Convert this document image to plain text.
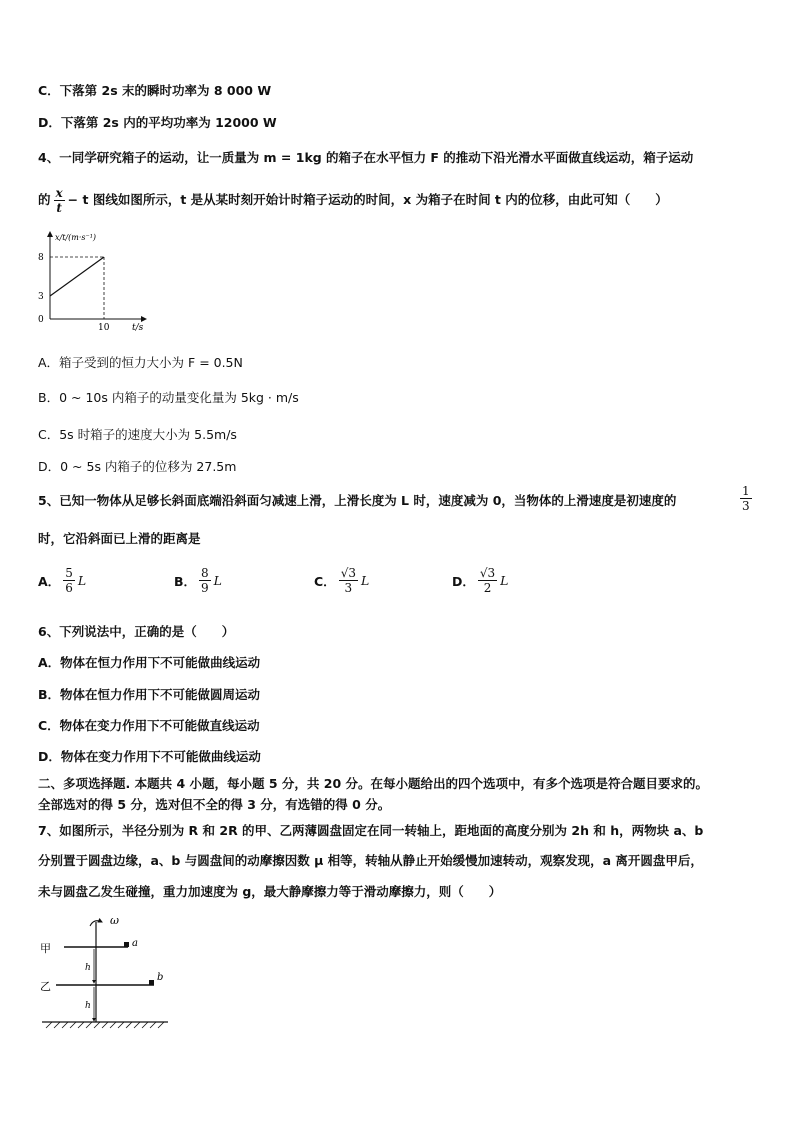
C．下落第 2s 末的瞬时功率为 8 000 W
D．下落第 2s 内的平均功率为 12000 W
4、一同学研究箱子的运动，让一质量为 m = 1kg 的箱子在水平恒力 F 的推动下沿光滑水平面做直线运动，箱子运动
的 $\frac{x}{t} - t$ 图线如图所示，t 是从某时刻开始计时箱子运动的时间，x 为箱子在时间 t 内的位移，由此可知（　　）
x/t/(m·s⁻¹)
8
3
0
10	t/s
A．箱子受到的恒力大小为 F = 0.5N
B．0 ~ 10s 内箱子的动量变化量为 5kg · m/s
C．5s 时箱子的速度大小为 5.5m/s
D．0 ~ 5s 内箱子的位移为 27.5m
5、已知一物体从足够长斜面底端沿斜面匀减速上滑，上滑长度为 L 时，速度减为 0，当物体的上滑速度是初速度的	$\frac{1}{3}$
时，它沿斜面已上滑的距离是
A． $\frac{5}{6}$ L	B． $\frac{8}{9}$ L	C． $\frac{√3}{3}$ L	D． $\frac{√3}{2}$ L
6、下列说法中，正确的是（　　）
A．物体在恒力作用下不可能做曲线运动
B．物体在恒力作用下不可能做圆周运动
C．物体在变力作用下不可能做直线运动
D．物体在变力作用下不可能做曲线运动
二、多项选择题. 本题共 4 小题，每小题 5 分，共 20 分。在每小题给出的四个选项中，有多个选项是符合题目要求的。
全部选对的得 5 分，选对但不全的得 3 分，有选错的得 0 分。
7、如图所示，半径分别为 R 和 2R 的甲、乙两薄圆盘固定在同一转轴上，距地面的高度分别为 2h 和 h，两物块 a、b
分别置于圆盘边缘，a、b 与圆盘间的动摩擦因数 μ 相等，转轴从静止开始缓慢加速转动，观察发现，a 离开圆盘甲后，
未与圆盘乙发生碰撞，重力加速度为 g，最大静摩擦力等于滑动摩擦力，则（　　）
ω
a
甲
b
乙
h
h
